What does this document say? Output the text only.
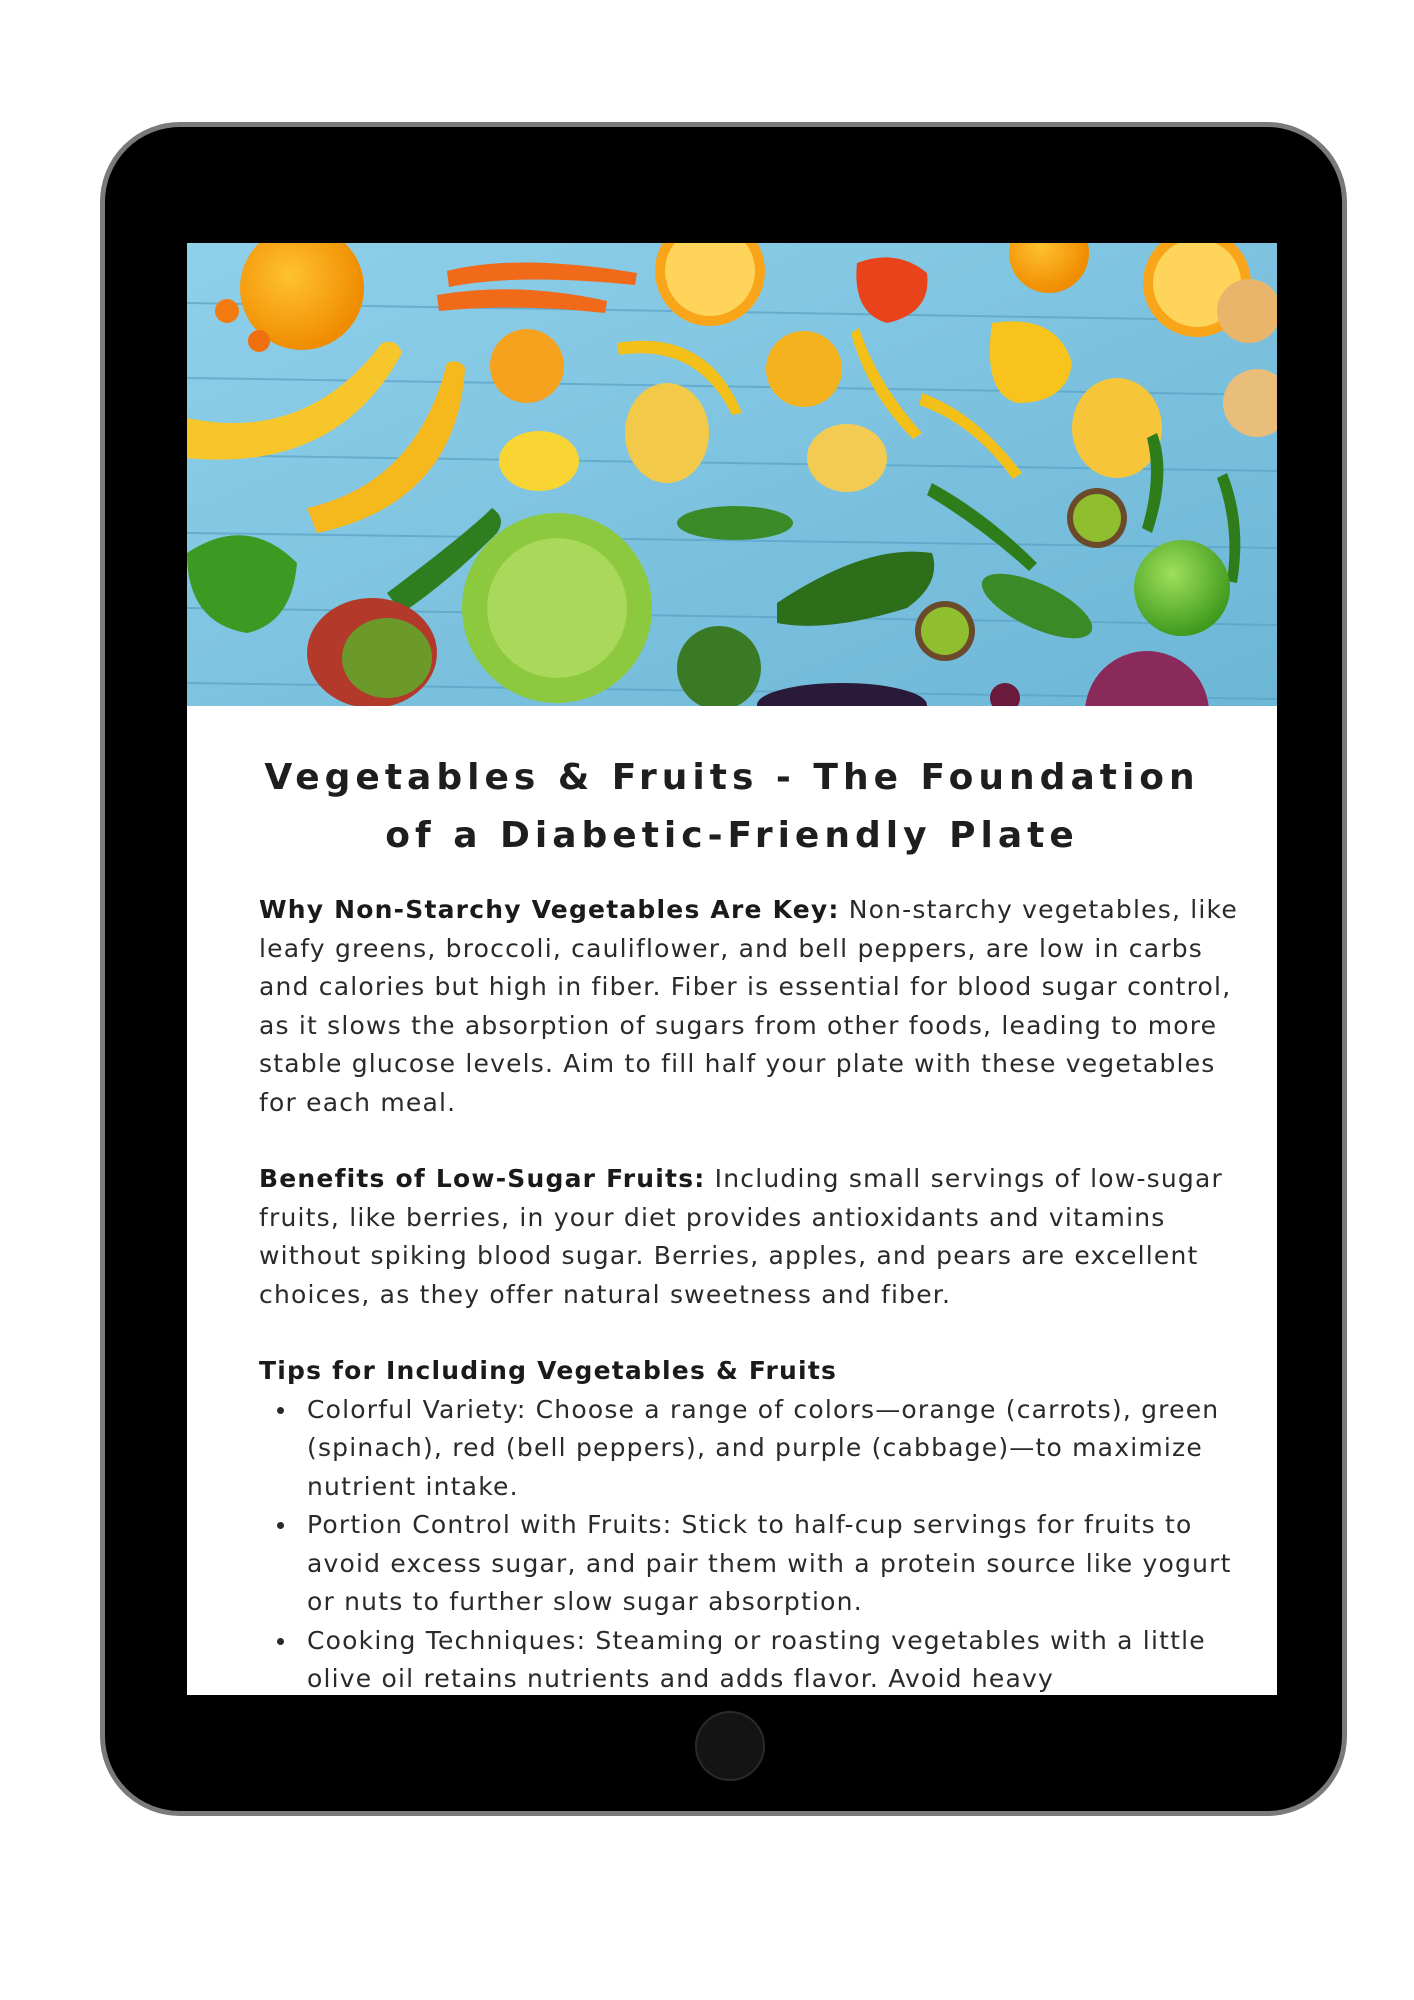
Vegetables & Fruits - The Foundation of a Diabetic-Friendly Plate

Why Non-Starchy Vegetables Are Key: Non-starchy vegetables, like leafy greens, broccoli, cauliflower, and bell peppers, are low in carbs and calories but high in fiber. Fiber is essential for blood sugar control, as it slows the absorption of sugars from other foods, leading to more stable glucose levels. Aim to fill half your plate with these vegetables for each meal.

Benefits of Low-Sugar Fruits: Including small servings of low-sugar fruits, like berries, in your diet provides antioxidants and vitamins without spiking blood sugar. Berries, apples, and pears are excellent choices, as they offer natural sweetness and fiber.

Tips for Including Vegetables & Fruits
Colorful Variety: Choose a range of colors—orange (carrots), green (spinach), red (bell peppers), and purple (cabbage)—to maximize nutrient intake.
Portion Control with Fruits: Stick to half-cup servings for fruits to avoid excess sugar, and pair them with a protein source like yogurt or nuts to further slow sugar absorption.
Cooking Techniques: Steaming or roasting vegetables with a little olive oil retains nutrients and adds flavor. Avoid heavy
